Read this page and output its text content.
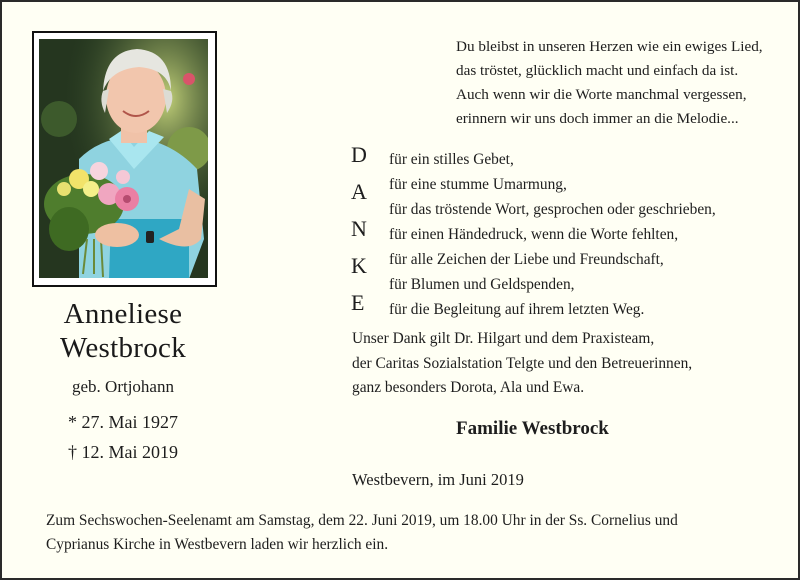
Anneliese
Westbrock
geb. Ortjohann
* 27. Mai 1927
† 12. Mai 2019
Du bleibst in unseren Herzen wie ein ewiges Lied,
das tröstet, glücklich macht und einfach da ist.
Auch wenn wir die Worte manchmal vergessen,
erinnern wir uns doch immer an die Melodie...
D
A
N
K
E
für ein stilles Gebet,
für eine stumme Umarmung,
für das tröstende Wort, gesprochen oder geschrieben,
für einen Händedruck, wenn die Worte fehlten,
für alle Zeichen der Liebe und Freundschaft,
für Blumen und Geldspenden,
für die Begleitung auf ihrem letzten Weg.
Unser Dank gilt Dr. Hilgart und dem Praxisteam,
der Caritas Sozialstation Telgte und den Betreuerinnen,
ganz besonders Dorota, Ala und Ewa.
Familie Westbrock
Westbevern, im Juni 2019
Zum Sechswochen-Seelenamt am Samstag, dem 22. Juni 2019, um 18.00 Uhr in der Ss. Cornelius und
Cyprianus Kirche in Westbevern laden wir herzlich ein.
